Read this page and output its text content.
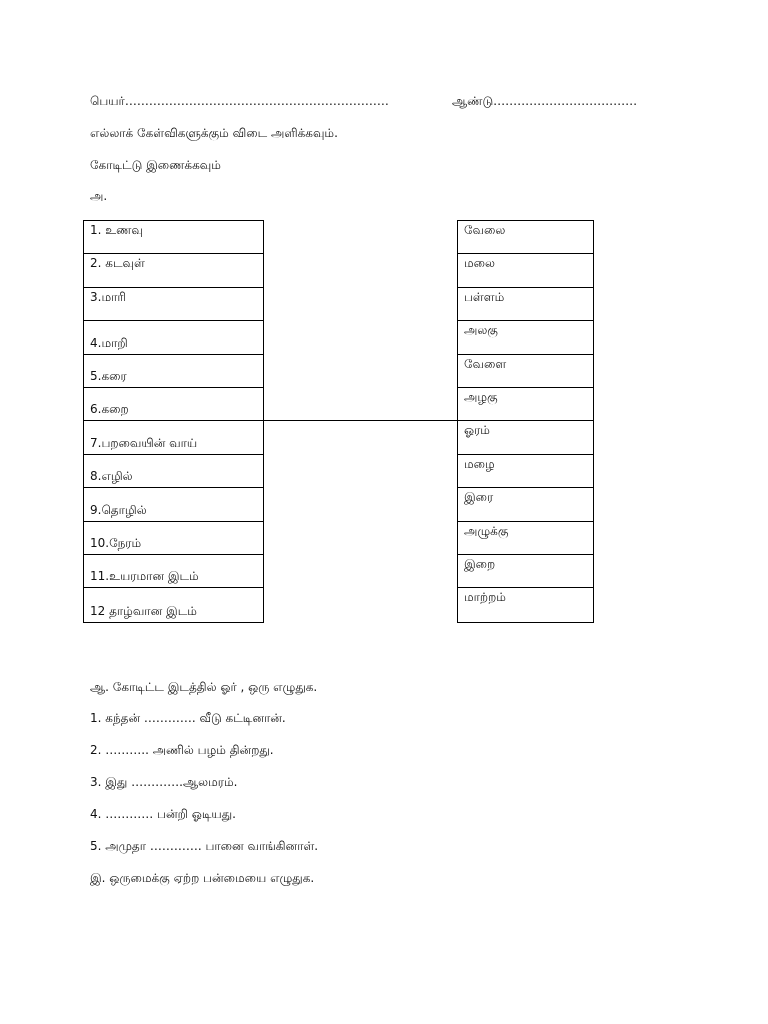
பெயர்…………………………………………………………	ஆண்டு………………………………
எல்லாக் கேள்விகளுக்கும் விடை அளிக்கவும்.
கோடிட்டு இணைக்கவும்
அ.
1. உணவு
2. கடவுள்
3.மாரி
4.மாறி
5.கரை
6.கறை
7.பறவையின் வாய்
8.எழில்
9.தொழில்
10.நேரம்
11.உயரமான இடம்
12 தாழ்வான இடம்
வேலை
மலை
பள்ளம்
அலகு
வேளை
அழகு
ஓரம்
மழை
இரை
அழுக்கு
இறை
மாற்றம்
ஆ. கோடிட்ட இடத்தில் ஓர் , ஒரு எழுதுக.
1. கந்தன் …………. வீடு கட்டினான்.
2. ……….. அணில் பழம் தின்றது.
3. இது ………….ஆலமரம்.
4. ………… பன்றி ஓடியது.
5. அமுதா …………. பானை வாங்கினாள்.
இ. ஒருமைக்கு ஏற்ற பன்மையை எழுதுக.
